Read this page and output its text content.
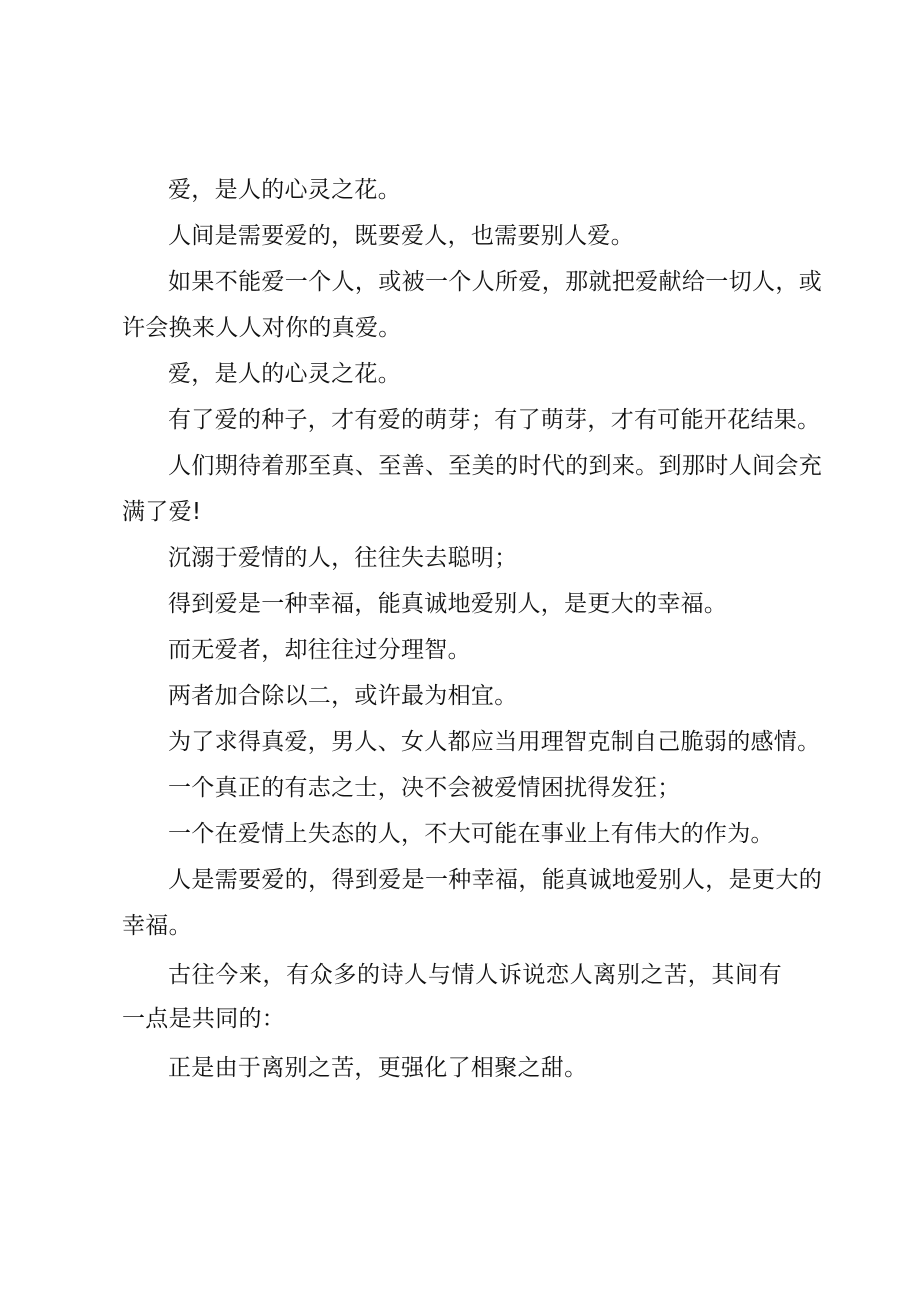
爱，是人的心灵之花。

人间是需要爱的，既要爱人，也需要别人爱。

如果不能爱一个人，或被一个人所爱，那就把爱献给一切人，或许会换来人人对你的真爱。

爱，是人的心灵之花。

有了爱的种子，才有爱的萌芽；有了萌芽，才有可能开花结果。

人们期待着那至真、至善、至美的时代的到来。到那时人间会充满了爱!

沉溺于爱情的人，往往失去聪明；

得到爱是一种幸福，能真诚地爱别人，是更大的幸福。

而无爱者，却往往过分理智。

两者加合除以二，或许最为相宜。

为了求得真爱，男人、女人都应当用理智克制自己脆弱的感情。

一个真正的有志之士，决不会被爱情困扰得发狂；

一个在爱情上失态的人，不大可能在事业上有伟大的作为。

人是需要爱的，得到爱是一种幸福，能真诚地爱别人，是更大的幸福。

古往今来，有众多的诗人与情人诉说恋人离别之苦，其间有一点是共同的：

正是由于离别之苦，更强化了相聚之甜。
